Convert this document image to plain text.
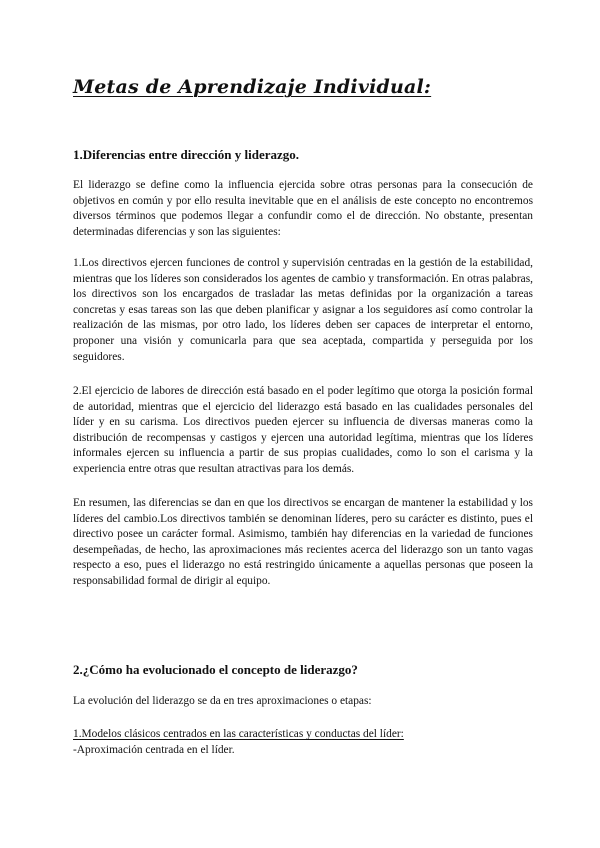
Metas de Aprendizaje Individual:
1.Diferencias entre dirección y liderazgo.

El liderazgo se define como la influencia ejercida sobre otras personas para la consecución de objetivos en común y por ello resulta inevitable que en el análisis de este concepto no encontremos diversos términos que podemos llegar a confundir como el de dirección. No obstante, presentan determinadas diferencias y son las siguientes:

1.Los directivos ejercen funciones de control y supervisión centradas en la gestión de la estabilidad, mientras que los líderes son considerados los agentes de cambio y transformación. En otras palabras, los directivos son los encargados de trasladar las metas definidas por la organización a tareas concretas y esas tareas son las que deben planificar y asignar a los seguidores así como controlar la realización de las mismas, por otro lado, los líderes deben ser capaces de interpretar el entorno, proponer una visión y comunicarla para que sea aceptada, compartida y perseguida por los seguidores.

2.El ejercicio de labores de dirección está basado en el poder legítimo que otorga la posición formal de autoridad, mientras que el ejercicio del liderazgo está basado en las cualidades personales del líder y en su carisma. Los directivos pueden ejercer su influencia de diversas maneras como la distribución de recompensas y castigos y ejercen una autoridad legítima, mientras que los líderes informales ejercen su influencia a partir de sus propias cualidades, como lo son el carisma y la experiencia entre otras que resultan atractivas para los demás.

En resumen, las diferencias se dan en que los directivos se encargan de mantener la estabilidad y los líderes del cambio.Los directivos también se denominan líderes, pero su carácter es distinto, pues el directivo posee un carácter formal. Asimismo, también hay diferencias en la variedad de funciones desempeñadas, de hecho, las aproximaciones más recientes acerca del liderazgo son un tanto vagas respecto a eso, pues el liderazgo no está restringido únicamente a aquellas personas que poseen la responsabilidad formal de dirigir al equipo.

2.¿Cómo ha evolucionado el concepto de liderazgo?

La evolución del liderazgo se da en tres aproximaciones o etapas:

1.Modelos clásicos centrados en las características y conductas del líder:

-Aproximación centrada en el líder.
